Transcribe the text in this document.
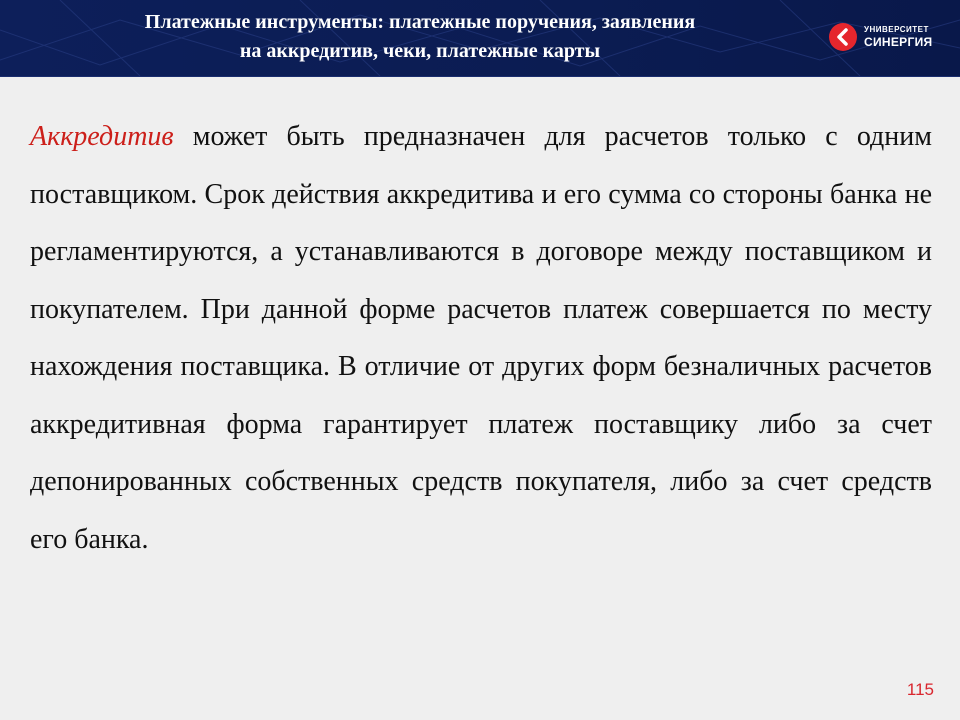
Платежные инструменты: платежные поручения, заявления
на аккредитив, чеки, платежные карты
УНИВЕРСИТЕТ
СИНЕРГИЯ

Аккредитив может быть предназначен для расчетов только с одним поставщиком. Срок действия аккредитива и его сумма со стороны банка не регламентируются, а устанавливаются в договоре между поставщиком и покупателем. При данной форме расчетов платеж совершается по месту нахождения поставщика. В отличие от других форм безналичных расчетов аккредитивная форма гарантирует платеж поставщику либо за счет депонированных собственных средств покупателя, либо за счет средств его банка.

115
